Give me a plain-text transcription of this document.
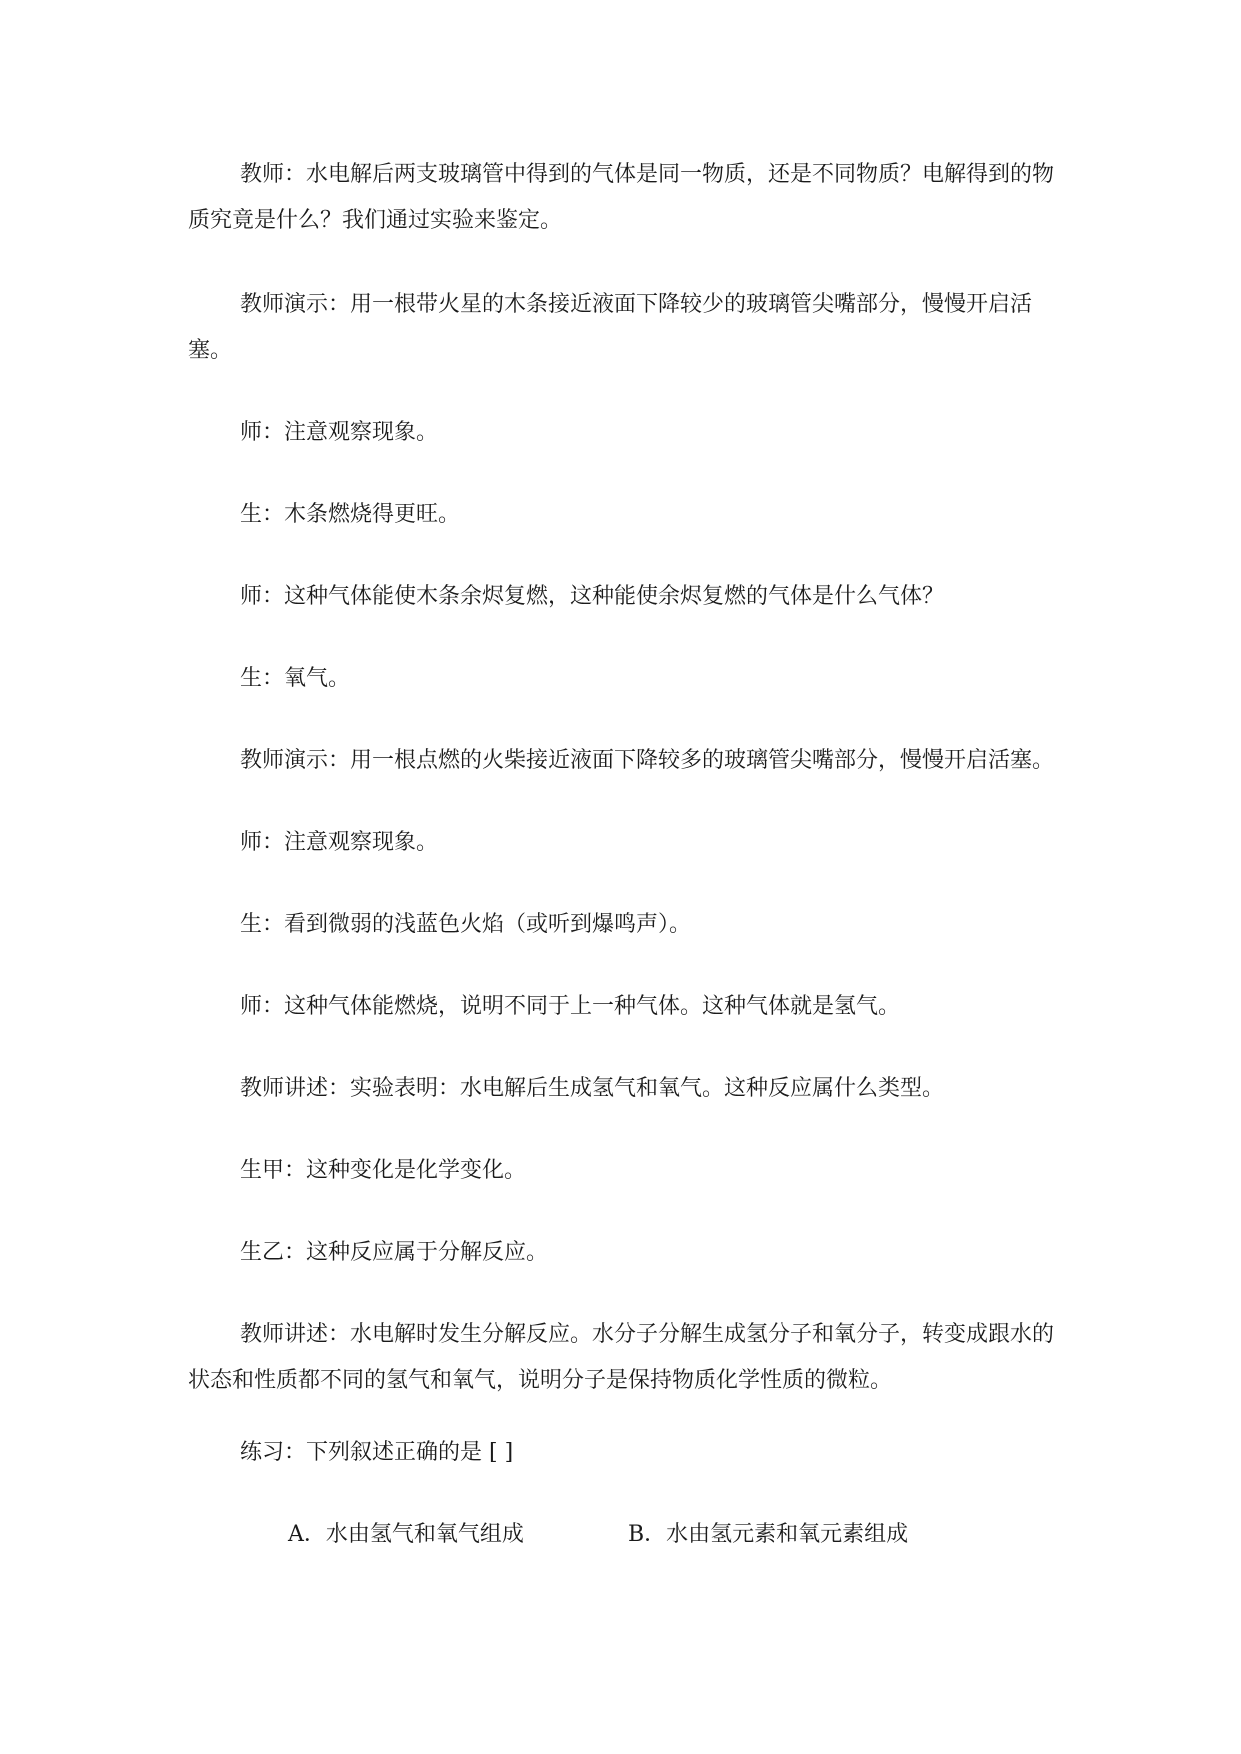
教师：水电解后两支玻璃管中得到的气体是同一物质，还是不同物质？电解得到的物质究竟是什么？我们通过实验来鉴定。

教师演示：用一根带火星的木条接近液面下降较少的玻璃管尖嘴部分，慢慢开启活塞。

师：注意观察现象。

生：木条燃烧得更旺。

师：这种气体能使木条余烬复燃，这种能使余烬复燃的气体是什么气体？

生：氧气。

教师演示：用一根点燃的火柴接近液面下降较多的玻璃管尖嘴部分，慢慢开启活塞。

师：注意观察现象。

生：看到微弱的浅蓝色火焰（或听到爆鸣声）。

师：这种气体能燃烧，说明不同于上一种气体。这种气体就是氢气。

教师讲述：实验表明：水电解后生成氢气和氧气。这种反应属什么类型。

生甲：这种变化是化学变化。

生乙：这种反应属于分解反应。

教师讲述：水电解时发生分解反应。水分子分解生成氢分子和氧分子，转变成跟水的状态和性质都不同的氢气和氧气，说明分子是保持物质化学性质的微粒。

练习：下列叙述正确的是 [ ]

A．水由氢气和氧气组成	B．水由氢元素和氧元素组成
